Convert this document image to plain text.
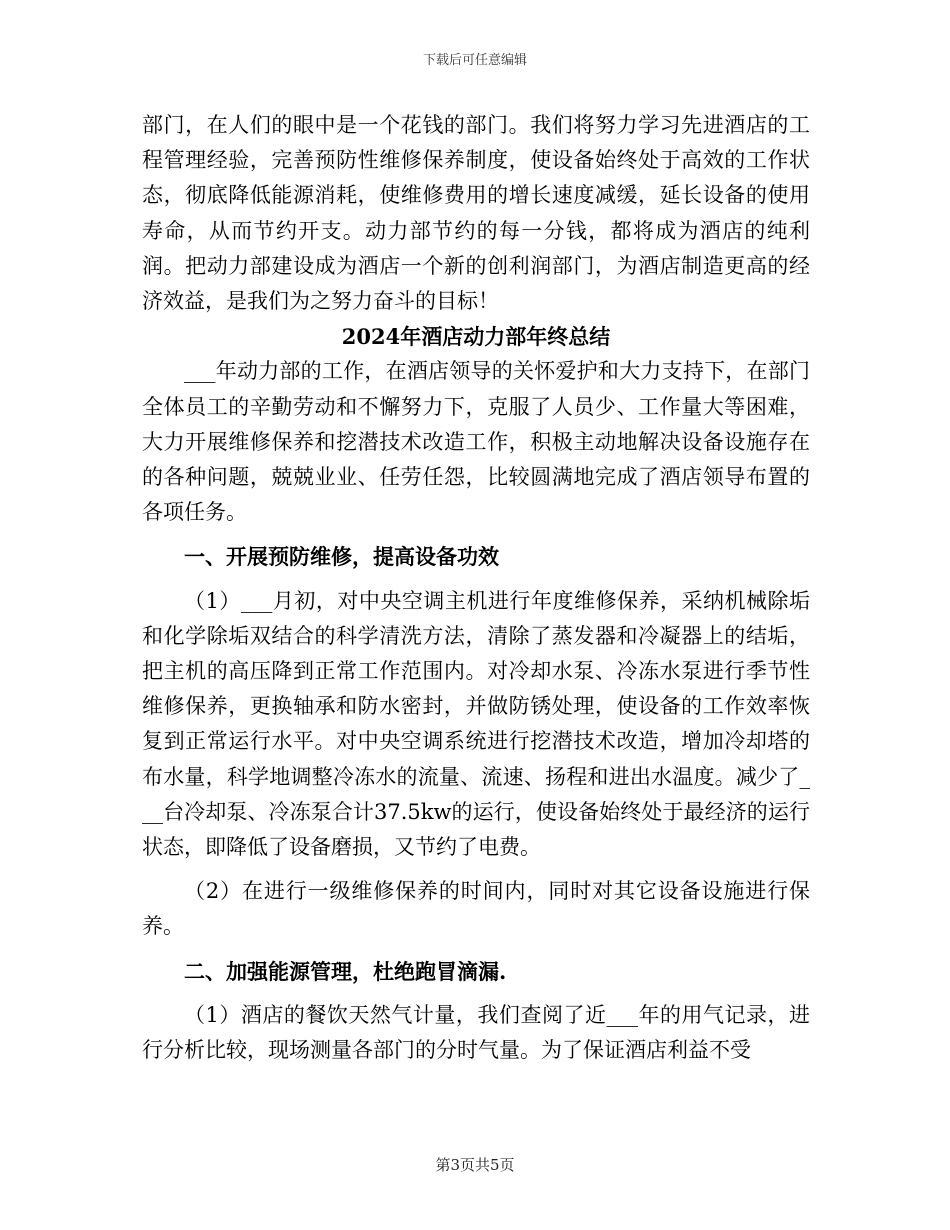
下载后可任意编辑

部门，在人们的眼中是一个花钱的部门。我们将努力学习先进酒店的工程管理经验，完善预防性维修保养制度，使设备始终处于高效的工作状态，彻底降低能源消耗，使维修费用的增长速度减缓，延长设备的使用寿命，从而节约开支。动力部节约的每一分钱，都将成为酒店的纯利润。把动力部建设成为酒店一个新的创利润部门，为酒店制造更高的经济效益，是我们为之努力奋斗的目标！

2024年酒店动力部年终总结

___年动力部的工作，在酒店领导的关怀爱护和大力支持下，在部门全体员工的辛勤劳动和不懈努力下，克服了人员少、工作量大等困难，大力开展维修保养和挖潜技术改造工作，积极主动地解决设备设施存在的各种问题，兢兢业业、任劳任怨，比较圆满地完成了酒店领导布置的各项任务。

一、开展预防维修，提高设备功效

（1）___月初，对中央空调主机进行年度维修保养，采纳机械除垢和化学除垢双结合的科学清洗方法，清除了蒸发器和冷凝器上的结垢，把主机的高压降到正常工作范围内。对冷却水泵、冷冻水泵进行季节性维修保养，更换轴承和防水密封，并做防锈处理，使设备的工作效率恢复到正常运行水平。对中央空调系统进行挖潜技术改造，增加冷却塔的布水量，科学地调整冷冻水的流量、流速、扬程和进出水温度。减少了___台冷却泵、冷冻泵合计37.5kw的运行，使设备始终处于最经济的运行状态，即降低了设备磨损，又节约了电费。

（2）在进行一级维修保养的时间内，同时对其它设备设施进行保养。

二、加强能源管理，杜绝跑冒滴漏.

（1）酒店的餐饮天然气计量，我们查阅了近___年的用气记录，进行分析比较，现场测量各部门的分时气量。为了保证酒店利益不受

第3页共5页
